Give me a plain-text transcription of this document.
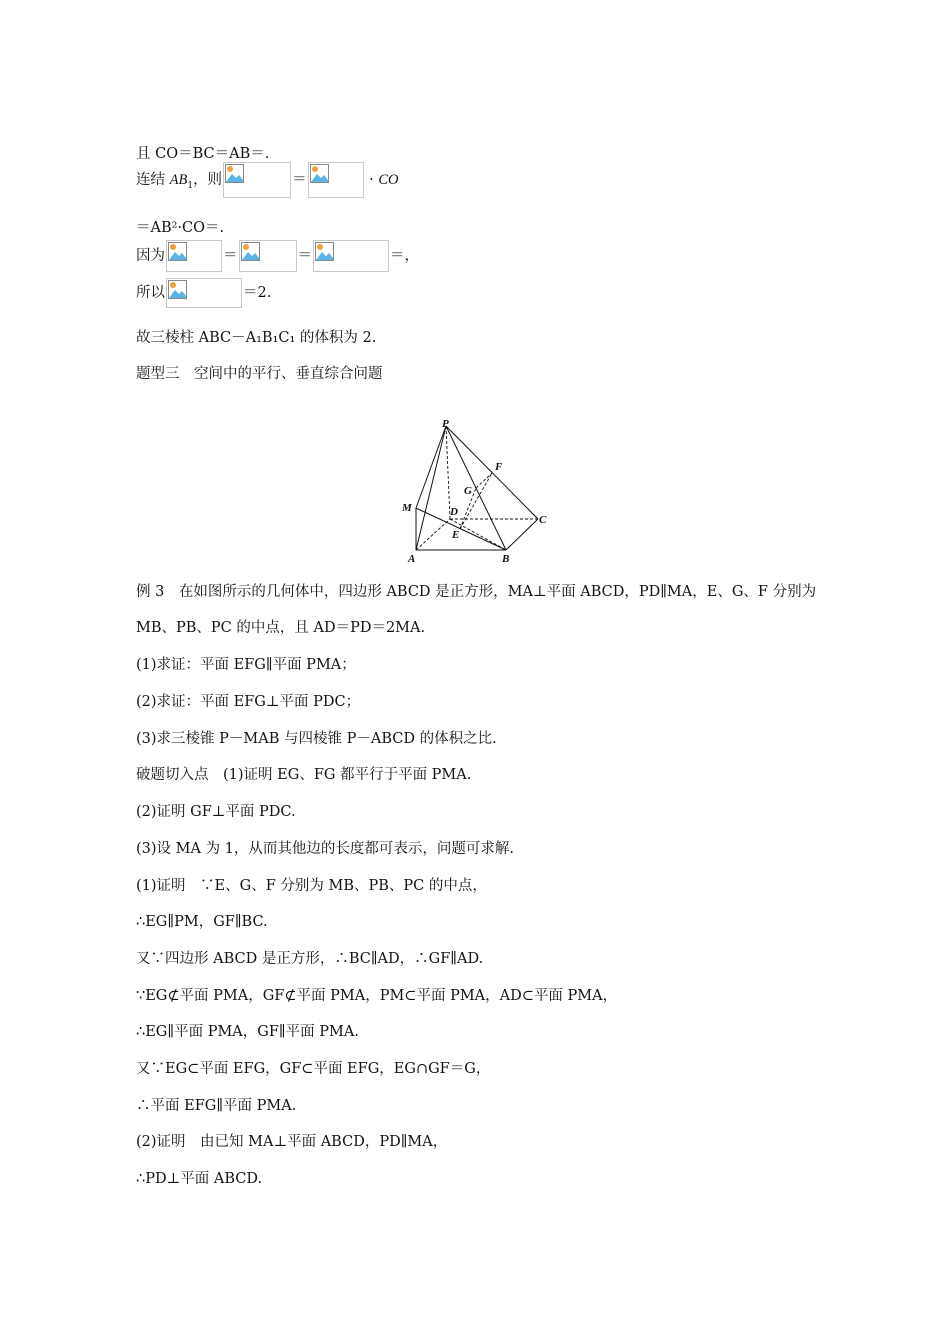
且 CO＝BC＝AB＝.
连结 $AB_1$，则	＝	· CO
＝AB²·CO＝.
因为	＝	＝	＝，
所以	＝2.
故三棱柱 ABC－A₁B₁C₁ 的体积为 2.
题型三　空间中的平行、垂直综合问题
P
F
G
M	D
C
E
A	B
例 3　在如图所示的几何体中，四边形 ABCD 是正方形，MA⊥平面 ABCD，PD∥MA，E、G、F 分别为
MB、PB、PC 的中点，且 AD＝PD＝2MA.
(1)求证：平面 EFG∥平面 PMA；
(2)求证：平面 EFG⊥平面 PDC；
(3)求三棱锥 P－MAB 与四棱锥 P－ABCD 的体积之比.
破题切入点　(1)证明 EG、FG 都平行于平面 PMA.
(2)证明 GF⊥平面 PDC.
(3)设 MA 为 1，从而其他边的长度都可表示，问题可求解.
(1)证明　∵E、G、F 分别为 MB、PB、PC 的中点，
∴EG∥PM，GF∥BC.
又∵四边形 ABCD 是正方形，∴BC∥AD，∴GF∥AD.
∵EG⊄平面 PMA，GF⊄平面 PMA，PM⊂平面 PMA，AD⊂平面 PMA，
∴EG∥平面 PMA，GF∥平面 PMA.
又∵EG⊂平面 EFG，GF⊂平面 EFG，EG∩GF＝G，
∴平面 EFG∥平面 PMA.
(2)证明　由已知 MA⊥平面 ABCD，PD∥MA，
∴PD⊥平面 ABCD.
